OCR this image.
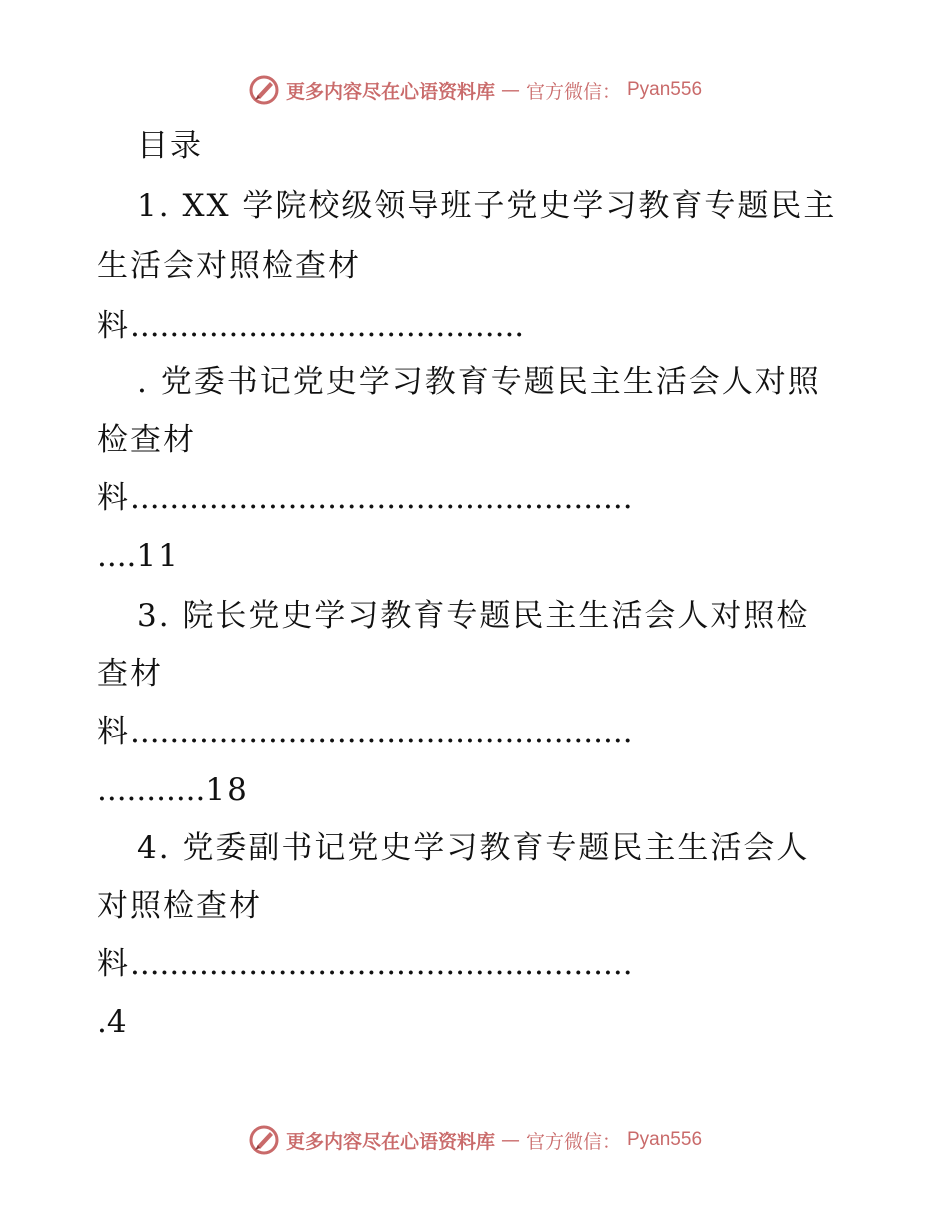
更多内容尽在心语资料库 — 官方微信： Pyan556
目录
1. XX 学院校级领导班子党史学习教育专题民主
生活会对照检查材
料........................................
. 党委书记党史学习教育专题民主生活会人对照
检查材
料...................................................
....11
3. 院长党史学习教育专题民主生活会人对照检
查材
料...................................................
...........18
4. 党委副书记党史学习教育专题民主生活会人
对照检查材
料...................................................
.4
更多内容尽在心语资料库 — 官方微信： Pyan556
